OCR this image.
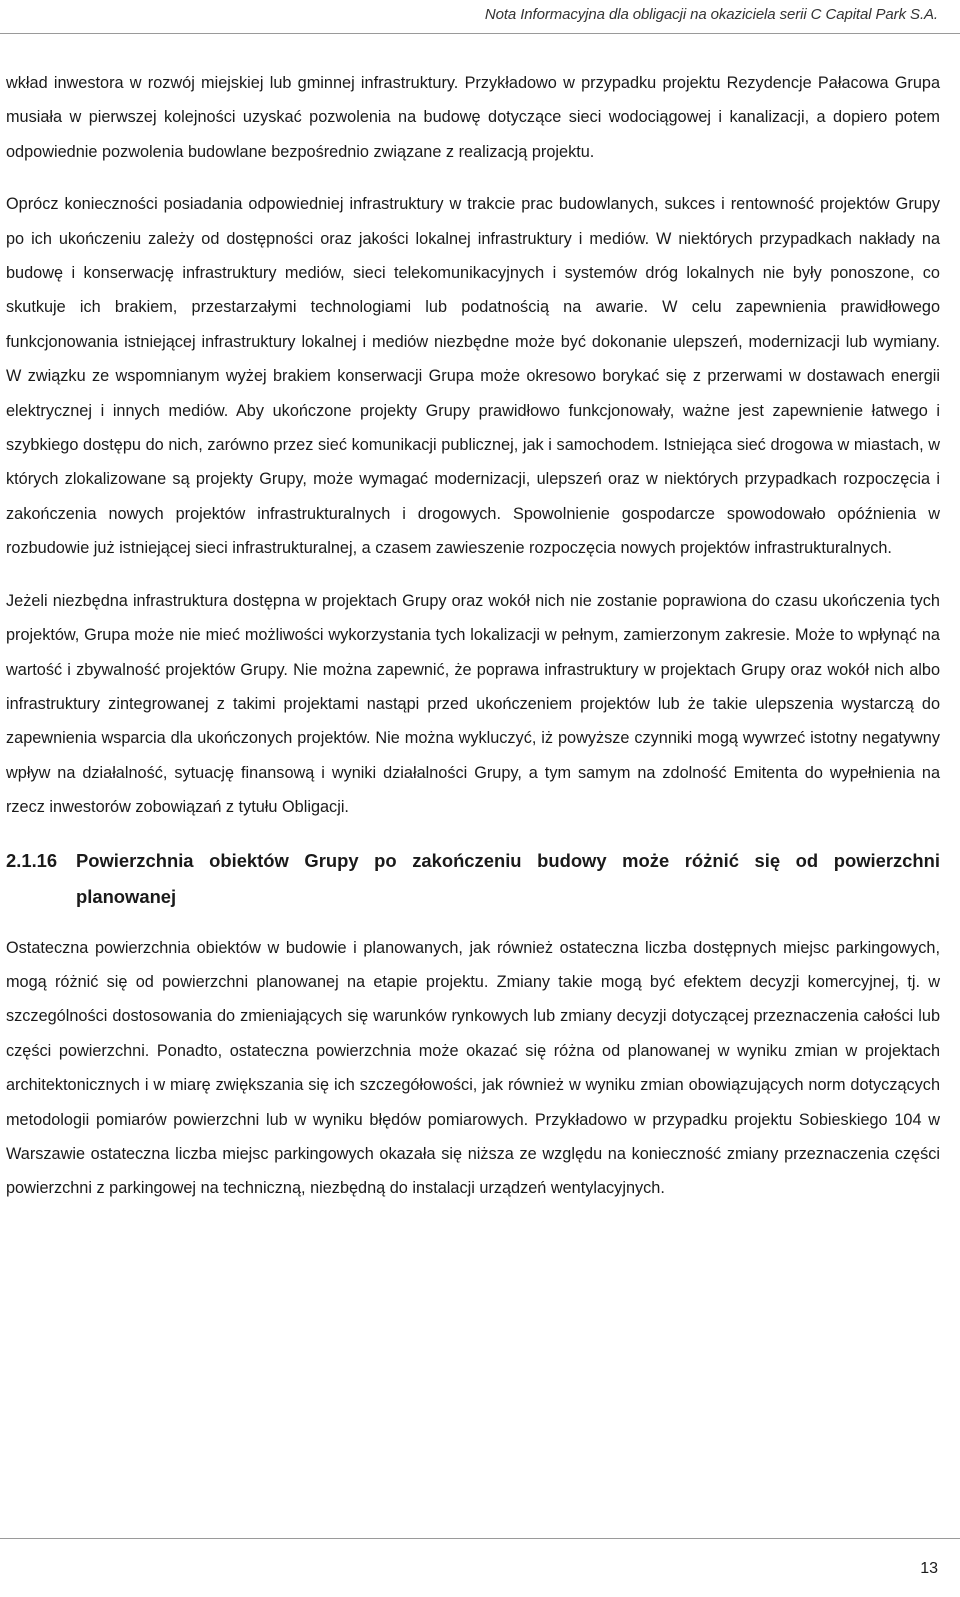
Nota Informacyjna dla obligacji na okaziciela serii C Capital Park S.A.

wkład inwestora w rozwój miejskiej lub gminnej infrastruktury. Przykładowo w przypadku projektu Rezydencje Pałacowa Grupa musiała w pierwszej kolejności uzyskać pozwolenia na budowę dotyczące sieci wodociągowej i kanalizacji, a dopiero potem odpowiednie pozwolenia budowlane bezpośrednio związane z realizacją projektu.

Oprócz konieczności posiadania odpowiedniej infrastruktury w trakcie prac budowlanych, sukces i rentowność projektów Grupy po ich ukończeniu zależy od dostępności oraz jakości lokalnej infrastruktury i mediów. W niektórych przypadkach nakłady na budowę i konserwację infrastruktury mediów, sieci telekomunikacyjnych i systemów dróg lokalnych nie były ponoszone, co skutkuje ich brakiem, przestarzałymi technologiami lub podatnością na awarie. W celu zapewnienia prawidłowego funkcjonowania istniejącej infrastruktury lokalnej i mediów niezbędne może być dokonanie ulepszeń, modernizacji lub wymiany. W związku ze wspomnianym wyżej brakiem konserwacji Grupa może okresowo borykać się z przerwami w dostawach energii elektrycznej i innych mediów. Aby ukończone projekty Grupy prawidłowo funkcjonowały, ważne jest zapewnienie łatwego i szybkiego dostępu do nich, zarówno przez sieć komunikacji publicznej, jak i samochodem. Istniejąca sieć drogowa w miastach, w których zlokalizowane są projekty Grupy, może wymagać modernizacji, ulepszeń oraz w niektórych przypadkach rozpoczęcia i zakończenia nowych projektów infrastrukturalnych i drogowych. Spowolnienie gospodarcze spowodowało opóźnienia w rozbudowie już istniejącej sieci infrastrukturalnej, a czasem zawieszenie rozpoczęcia nowych projektów infrastrukturalnych.

Jeżeli niezbędna infrastruktura dostępna w projektach Grupy oraz wokół nich nie zostanie poprawiona do czasu ukończenia tych projektów, Grupa może nie mieć możliwości wykorzystania tych lokalizacji w pełnym, zamierzonym zakresie. Może to wpłynąć na wartość i zbywalność projektów Grupy. Nie można zapewnić, że poprawa infrastruktury w projektach Grupy oraz wokół nich albo infrastruktury zintegrowanej z takimi projektami nastąpi przed ukończeniem projektów lub że takie ulepszenia wystarczą do zapewnienia wsparcia dla ukończonych projektów. Nie można wykluczyć, iż powyższe czynniki mogą wywrzeć istotny negatywny wpływ na działalność, sytuację finansową i wyniki działalności Grupy, a tym samym na zdolność Emitenta do wypełnienia na rzecz inwestorów zobowiązań z tytułu Obligacji.

2.1.16	Powierzchnia obiektów Grupy po zakończeniu budowy może różnić się od powierzchni planowanej

Ostateczna powierzchnia obiektów w budowie i planowanych, jak również ostateczna liczba dostępnych miejsc parkingowych, mogą różnić się od powierzchni planowanej na etapie projektu. Zmiany takie mogą być efektem decyzji komercyjnej, tj. w szczególności dostosowania do zmieniających się warunków rynkowych lub zmiany decyzji dotyczącej przeznaczenia całości lub części powierzchni. Ponadto, ostateczna powierzchnia może okazać się różna od planowanej w wyniku zmian w projektach architektonicznych i w miarę zwiększania się ich szczegółowości, jak również w wyniku zmian obowiązujących norm dotyczących metodologii pomiarów powierzchni lub w wyniku błędów pomiarowych. Przykładowo w przypadku projektu Sobieskiego 104 w Warszawie ostateczna liczba miejsc parkingowych okazała się niższa ze względu na konieczność zmiany przeznaczenia części powierzchni z parkingowej na techniczną, niezbędną do instalacji urządzeń wentylacyjnych.

13
